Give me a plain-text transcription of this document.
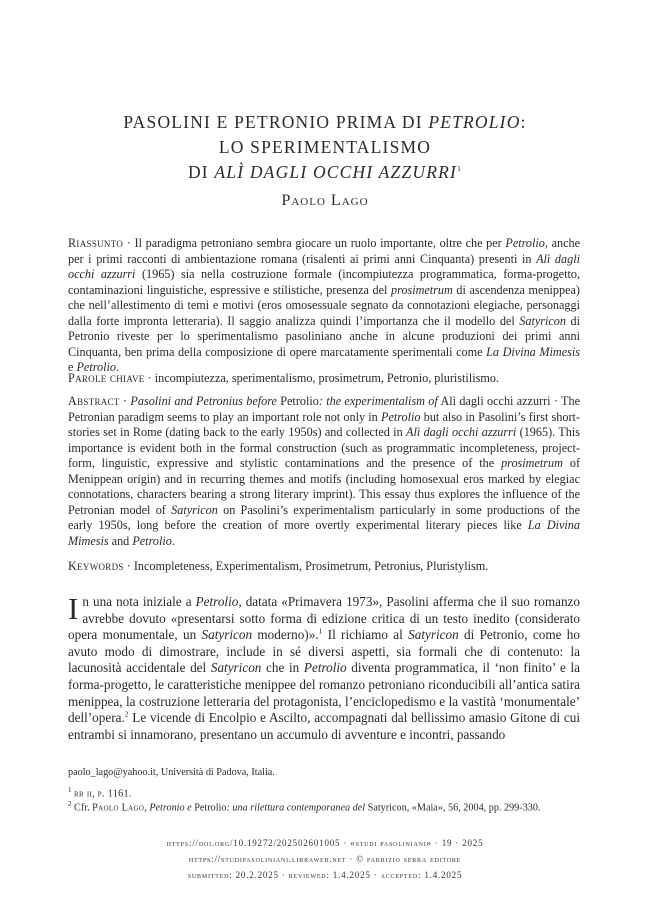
PASOLINI E PETRONIO PRIMA DI PETROLIO:
LO SPERIMENTALISMO
DI ALÌ DAGLI OCCHI AZZURRI$^1$
Paolo Lago
Riassunto · Il paradigma petroniano sembra giocare un ruolo importante, oltre che per Petrolio, anche per i primi racconti di ambientazione romana (risalenti ai primi anni Cinquanta) presenti in Alì dagli occhi azzurri (1965) sia nella costruzione formale (incompiutezza programmatica, forma-progetto, contaminazioni linguistiche, espressive e stilistiche, presenza del prosimetrum di ascendenza menippea) che nell’allestimento di temi e motivi (eros omosessuale segnato da connotazioni elegiache, personaggi dalla forte impronta letteraria). Il saggio analizza quindi l’importanza che il modello del Satyricon di Petronio riveste per lo sperimentalismo pasoliniano anche in alcune produzioni dei primi anni Cinquanta, ben prima della composizione di opere marcatamente sperimentali come La Divina Mimesis e Petrolio.
Parole chiave · incompiutezza, sperimentalismo, prosimetrum, Petronio, pluristilismo.
Abstract · Pasolini and Petronius before Petrolio: the experimentalism of Alì dagli occhi azzurri · The Petronian paradigm seems to play an important role not only in Petrolio but also in Pasolini’s first short-stories set in Rome (dating back to the early 1950s) and collected in Alì dagli occhi azzurri (1965). This importance is evident both in the formal construction (such as programmatic incompleteness, project-form, linguistic, expressive and stylistic contaminations and the presence of the prosimetrum of Menippean origin) and in recurring themes and motifs (including homosexual eros marked by elegiac connotations, characters bearing a strong literary imprint). This essay thus explores the influence of the Petronian model of Satyricon on Pasolini’s experimentalism particularly in some productions of the early 1950s, long before the creation of more overtly experimental literary pieces like La Divina Mimesis and Petrolio.
Keywords · Incompleteness, Experimentalism, Prosimetrum, Petronius, Pluristylism.
In una nota iniziale a Petrolio, datata «Primavera 1973», Pasolini afferma che il suo romanzo avrebbe dovuto «presentarsi sotto forma di edizione critica di un testo inedito (considerato opera monumentale, un Satyricon moderno)».$^1$ Il richiamo al Satyricon di Petronio, come ho avuto modo di dimostrare, include in sé diversi aspetti, sia formali che di contenuto: la lacunosità accidentale del Satyricon che in Petrolio diventa programmatica, il ‘non finito’ e la forma-progetto, le caratteristiche menippee del romanzo petroniano riconducibili all’antica satira menippea, la costruzione letteraria del protagonista, l’enciclopedismo e la vastità ‘monumentale’ dell’opera.$^2$ Le vicende di Encolpio e Ascilto, accompagnati dal bellissimo amasio Gitone di cui entrambi si innamorano, presentano un accumulo di avventure e incontri, passando
paolo_lago@yahoo.it, Università di Padova, Italia.
$^1$ rr ii, p. 1161.
$^2$ Cfr. Paolo Lago, Petronio e Petrolio: una rilettura contemporanea del Satyricon, «Maia», 56, 2004, pp. 299-330.
https://doi.org/10.19272/202502601005 · «studi pasoliniani» · 19 · 2025
https://studipasoliniani.libraweb.net · © fabrizio serra editore
submitted: 20.2.2025 · reviewed: 1.4.2025 · accepted: 1.4.2025
